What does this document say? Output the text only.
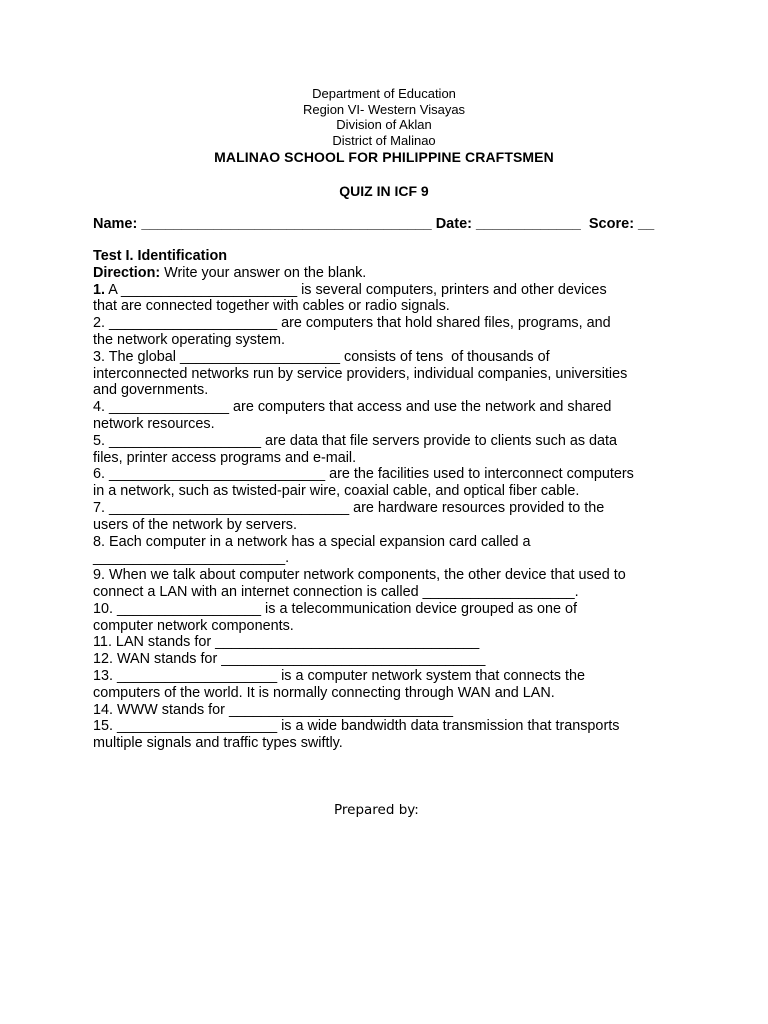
Department of Education
Region VI- Western Visayas
Division of Aklan
District of Malinao
MALINAO SCHOOL FOR PHILIPPINE CRAFTSMEN
QUIZ IN ICF 9
Name: ____________________________________ Date: _____________  Score: __
Test I. Identification
Direction: Write your answer on the blank.
1. A ______________________ is several computers, printers and other devices
that are connected together with cables or radio signals.
2. _____________________ are computers that hold shared files, programs, and
the network operating system.
3. The global ____________________ consists of tens  of thousands of
interconnected networks run by service providers, individual companies, universities
and governments.
4. _______________ are computers that access and use the network and shared
network resources.
5. ___________________ are data that file servers provide to clients such as data
files, printer access programs and e-mail.
6. ___________________________ are the facilities used to interconnect computers
in a network, such as twisted-pair wire, coaxial cable, and optical fiber cable.
7. ______________________________ are hardware resources provided to the
users of the network by servers.
8. Each computer in a network has a special expansion card called a
________________________.
9. When we talk about computer network components, the other device that used to
connect a LAN with an internet connection is called ___________________.
10. __________________ is a telecommunication device grouped as one of
computer network components.
11. LAN stands for _________________________________
12. WAN stands for _________________________________
13. ____________________ is a computer network system that connects the
computers of the world. It is normally connecting through WAN and LAN.
14. WWW stands for ____________________________
15. ____________________ is a wide bandwidth data transmission that transports
multiple signals and traffic types swiftly.
Prepared by:
